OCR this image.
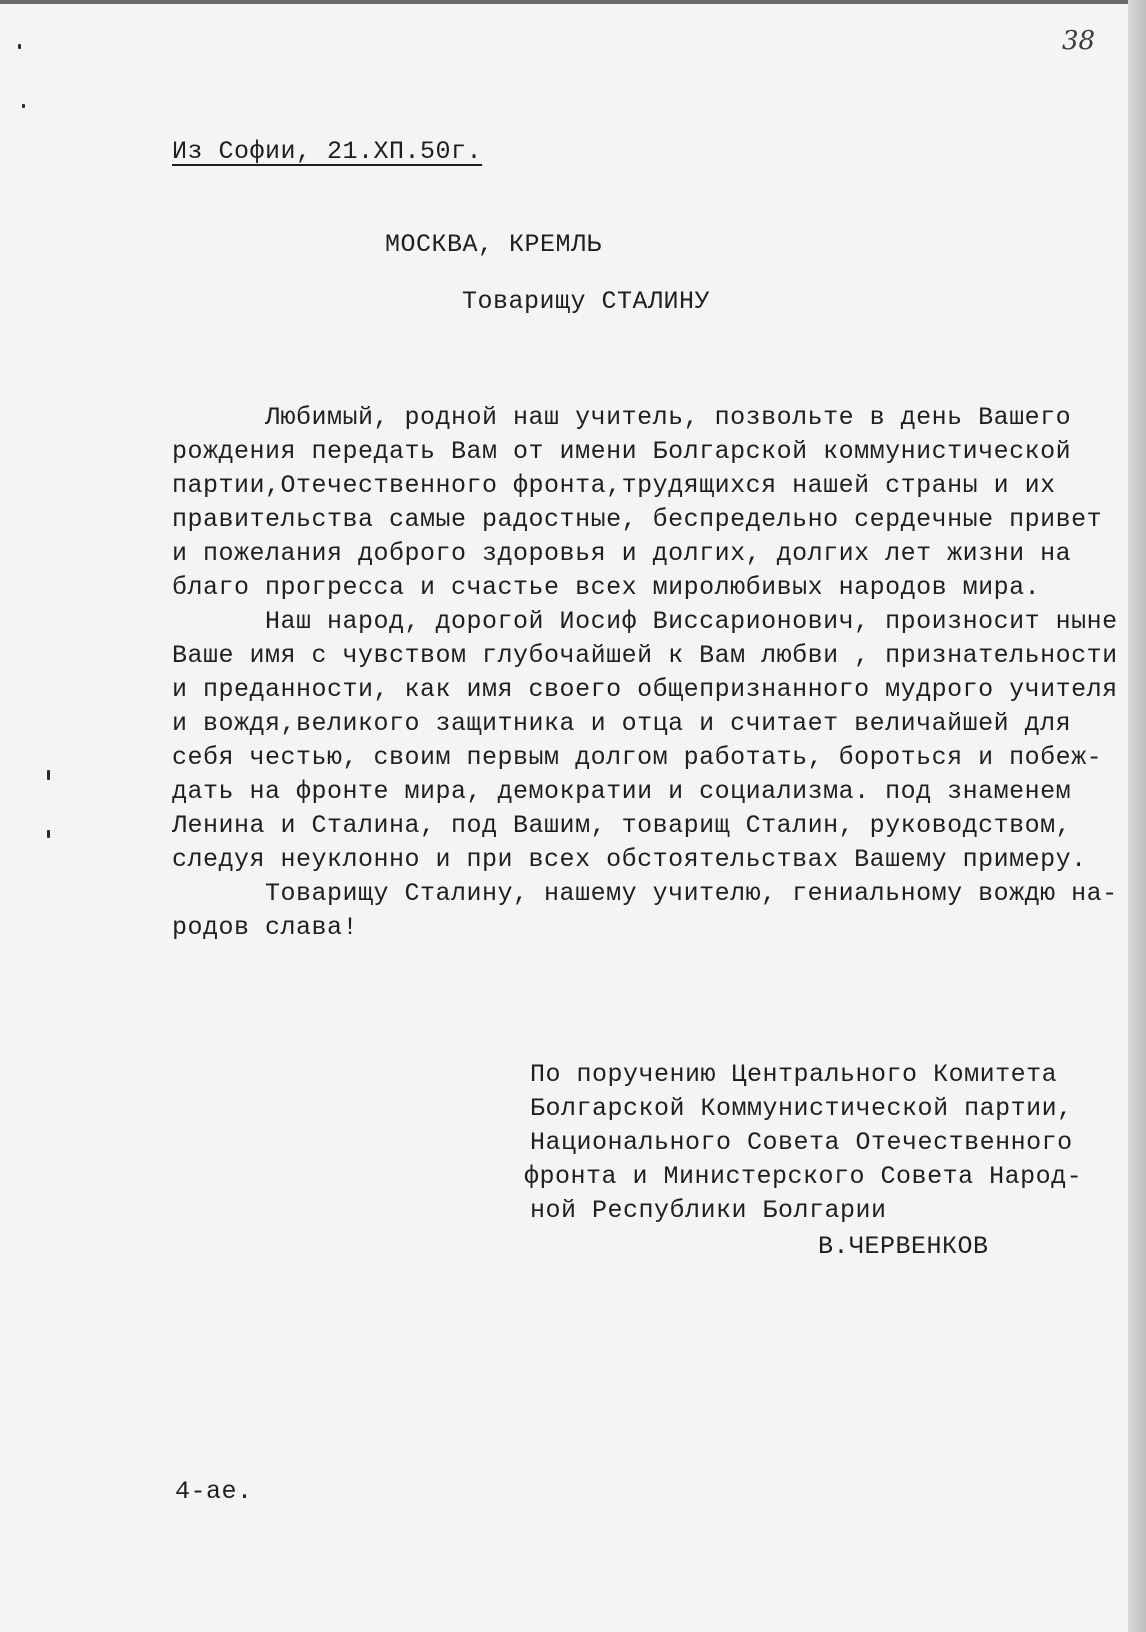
38
Из Софии, 21.ХП.50г.
МОСКВА, КРЕМЛЬ
Товарищу СТАЛИНУ
Любимый, родной наш учитель, позвольте в день Вашего
рождения передать Вам от имени Болгарской коммунистической
партии,Отечественного фронта,трудящихся нашей страны и их
правительства самые радостные, беспредельно сердечные привет
и пожелания доброго здоровья и долгих, долгих лет жизни на
благо прогресса и счастье всех миролюбивых народов мира.
Наш народ, дорогой Иосиф Виссарионович, произносит ныне
Ваше имя с чувством глубочайшей к Вам любви , признательности
и преданности, как имя своего общепризнанного мудрого учителя
и вождя,великого защитника и отца и считает величайшей для
себя честью, своим первым долгом работать, бороться и побеж-
дать на фронте мира, демократии и социализма. под знаменем
Ленина и Сталина, под Вашим, товарищ Сталин, руководством,
следуя неуклонно и при всех обстоятельствах Вашему примеру.
Товарищу Сталину, нашему учителю, гениальному вождю на-
родов слава!
По поручению Центрального Комитета
Болгарской Коммунистической партии,
Национального Совета Отечественного
фронта и Министерского Совета Народ-
ной Республики Болгарии
В.ЧЕРВЕНКОВ
4-ае.
